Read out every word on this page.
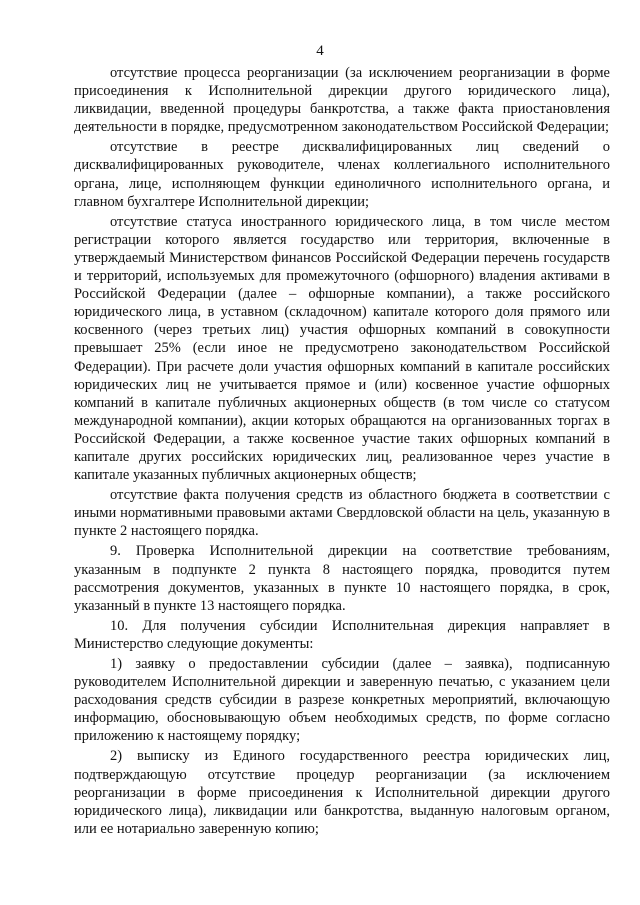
4

отсутствие процесса реорганизации (за исключением реорганизации в форме присоединения к Исполнительной дирекции другого юридического лица), ликвидации, введенной процедуры банкротства, а также факта приостановления деятельности в порядке, предусмотренном законодательством Российской Федерации;

отсутствие в реестре дисквалифицированных лиц сведений о дисквалифицированных руководителе, членах коллегиального исполнительного органа, лице, исполняющем функции единоличного исполнительного органа, и главном бухгалтере Исполнительной дирекции;

отсутствие статуса иностранного юридического лица, в том числе местом регистрации которого является государство или территория, включенные в утверждаемый Министерством финансов Российской Федерации перечень государств и территорий, используемых для промежуточного (офшорного) владения активами в Российской Федерации (далее – офшорные компании), а также российского юридического лица, в уставном (складочном) капитале которого доля прямого или косвенного (через третьих лиц) участия офшорных компаний в совокупности превышает 25% (если иное не предусмотрено законодательством Российской Федерации). При расчете доли участия офшорных компаний в капитале российских юридических лиц не учитывается прямое и (или) косвенное участие офшорных компаний в капитале публичных акционерных обществ (в том числе со статусом международной компании), акции которых обращаются на организованных торгах в Российской Федерации, а также косвенное участие таких офшорных компаний в капитале других российских юридических лиц, реализованное через участие в капитале указанных публичных акционерных обществ;

отсутствие факта получения средств из областного бюджета в соответствии с иными нормативными правовыми актами Свердловской области на цель, указанную в пункте 2 настоящего порядка.

9. Проверка Исполнительной дирекции на соответствие требованиям, указанным в подпункте 2 пункта 8 настоящего порядка, проводится путем рассмотрения документов, указанных в пункте 10 настоящего порядка, в срок, указанный в пункте 13 настоящего порядка.

10. Для получения субсидии Исполнительная дирекция направляет в Министерство следующие документы:

1) заявку о предоставлении субсидии (далее – заявка), подписанную руководителем Исполнительной дирекции и заверенную печатью, с указанием цели расходования средств субсидии в разрезе конкретных мероприятий, включающую информацию, обосновывающую объем необходимых средств, по форме согласно приложению к настоящему порядку;

2) выписку из Единого государственного реестра юридических лиц, подтверждающую отсутствие процедур реорганизации (за исключением реорганизации в форме присоединения к Исполнительной дирекции другого юридического лица), ликвидации или банкротства, выданную налоговым органом, или ее нотариально заверенную копию;
